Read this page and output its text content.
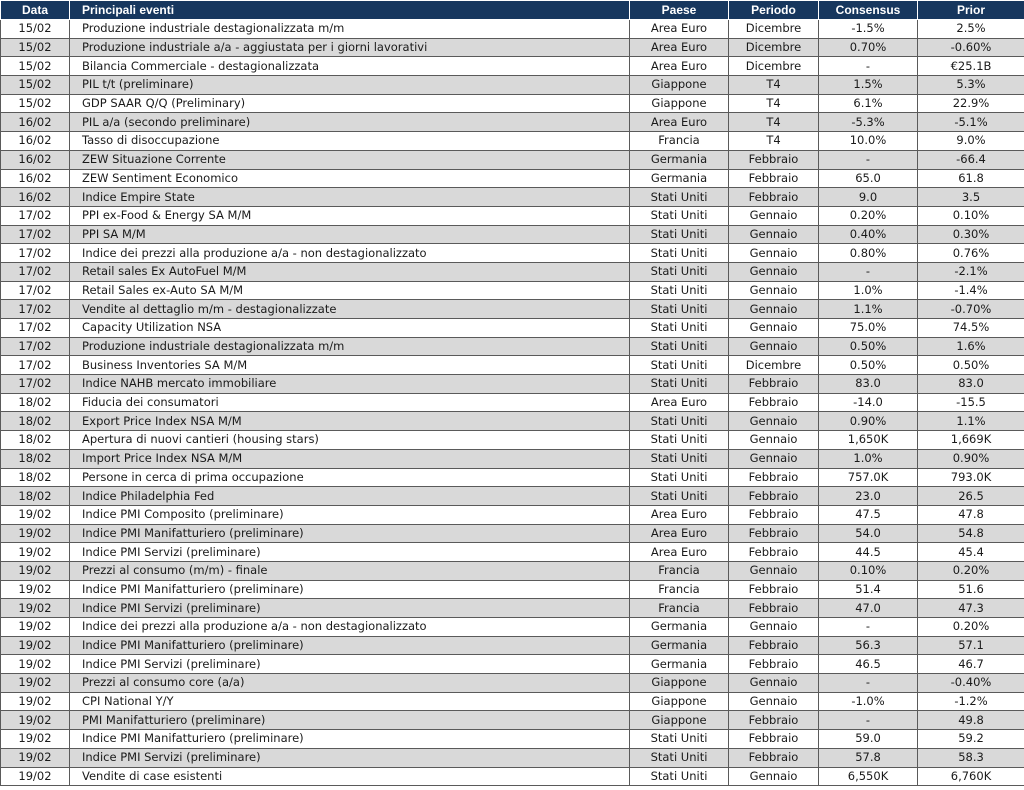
Data	Principali eventi	Paese	Periodo	Consensus	Prior
15/02	Produzione industriale destagionalizzata m/m	Area Euro	Dicembre	-1.5%	2.5%
15/02	Produzione industriale a/a - aggiustata per i giorni lavorativi	Area Euro	Dicembre	0.70%	-0.60%
15/02	Bilancia Commerciale - destagionalizzata	Area Euro	Dicembre	-	€25.1B
15/02	PIL t/t (preliminare)	Giappone	T4	1.5%	5.3%
15/02	GDP SAAR Q/Q (Preliminary)	Giappone	T4	6.1%	22.9%
16/02	PIL a/a (secondo preliminare)	Area Euro	T4	-5.3%	-5.1%
16/02	Tasso di disoccupazione	Francia	T4	10.0%	9.0%
16/02	ZEW Situazione Corrente	Germania	Febbraio	-	-66.4
16/02	ZEW Sentiment Economico	Germania	Febbraio	65.0	61.8
16/02	Indice Empire State	Stati Uniti	Febbraio	9.0	3.5
17/02	PPI ex-Food & Energy SA M/M	Stati Uniti	Gennaio	0.20%	0.10%
17/02	PPI SA M/M	Stati Uniti	Gennaio	0.40%	0.30%
17/02	Indice dei prezzi alla produzione a/a - non destagionalizzato	Stati Uniti	Gennaio	0.80%	0.76%
17/02	Retail sales Ex AutoFuel M/M	Stati Uniti	Gennaio	-	-2.1%
17/02	Retail Sales ex-Auto SA M/M	Stati Uniti	Gennaio	1.0%	-1.4%
17/02	Vendite al dettaglio m/m - destagionalizzate	Stati Uniti	Gennaio	1.1%	-0.70%
17/02	Capacity Utilization NSA	Stati Uniti	Gennaio	75.0%	74.5%
17/02	Produzione industriale destagionalizzata m/m	Stati Uniti	Gennaio	0.50%	1.6%
17/02	Business Inventories SA M/M	Stati Uniti	Dicembre	0.50%	0.50%
17/02	Indice NAHB mercato immobiliare	Stati Uniti	Febbraio	83.0	83.0
18/02	Fiducia dei consumatori	Area Euro	Febbraio	-14.0	-15.5
18/02	Export Price Index NSA M/M	Stati Uniti	Gennaio	0.90%	1.1%
18/02	Apertura di nuovi cantieri (housing stars)	Stati Uniti	Gennaio	1,650K	1,669K
18/02	Import Price Index NSA M/M	Stati Uniti	Gennaio	1.0%	0.90%
18/02	Persone in cerca di prima occupazione	Stati Uniti	Febbraio	757.0K	793.0K
18/02	Indice Philadelphia Fed	Stati Uniti	Febbraio	23.0	26.5
19/02	Indice PMI Composito (preliminare)	Area Euro	Febbraio	47.5	47.8
19/02	Indice PMI Manifatturiero (preliminare)	Area Euro	Febbraio	54.0	54.8
19/02	Indice PMI Servizi (preliminare)	Area Euro	Febbraio	44.5	45.4
19/02	Prezzi al consumo (m/m) - finale	Francia	Gennaio	0.10%	0.20%
19/02	Indice PMI Manifatturiero (preliminare)	Francia	Febbraio	51.4	51.6
19/02	Indice PMI Servizi (preliminare)	Francia	Febbraio	47.0	47.3
19/02	Indice dei prezzi alla produzione a/a - non destagionalizzato	Germania	Gennaio	-	0.20%
19/02	Indice PMI Manifatturiero (preliminare)	Germania	Febbraio	56.3	57.1
19/02	Indice PMI Servizi (preliminare)	Germania	Febbraio	46.5	46.7
19/02	Prezzi al consumo core (a/a)	Giappone	Gennaio	-	-0.40%
19/02	CPI National Y/Y	Giappone	Gennaio	-1.0%	-1.2%
19/02	PMI Manifatturiero (preliminare)	Giappone	Febbraio	-	49.8
19/02	Indice PMI Manifatturiero (preliminare)	Stati Uniti	Febbraio	59.0	59.2
19/02	Indice PMI Servizi (preliminare)	Stati Uniti	Febbraio	57.8	58.3
19/02	Vendite di case esistenti	Stati Uniti	Gennaio	6,550K	6,760K
